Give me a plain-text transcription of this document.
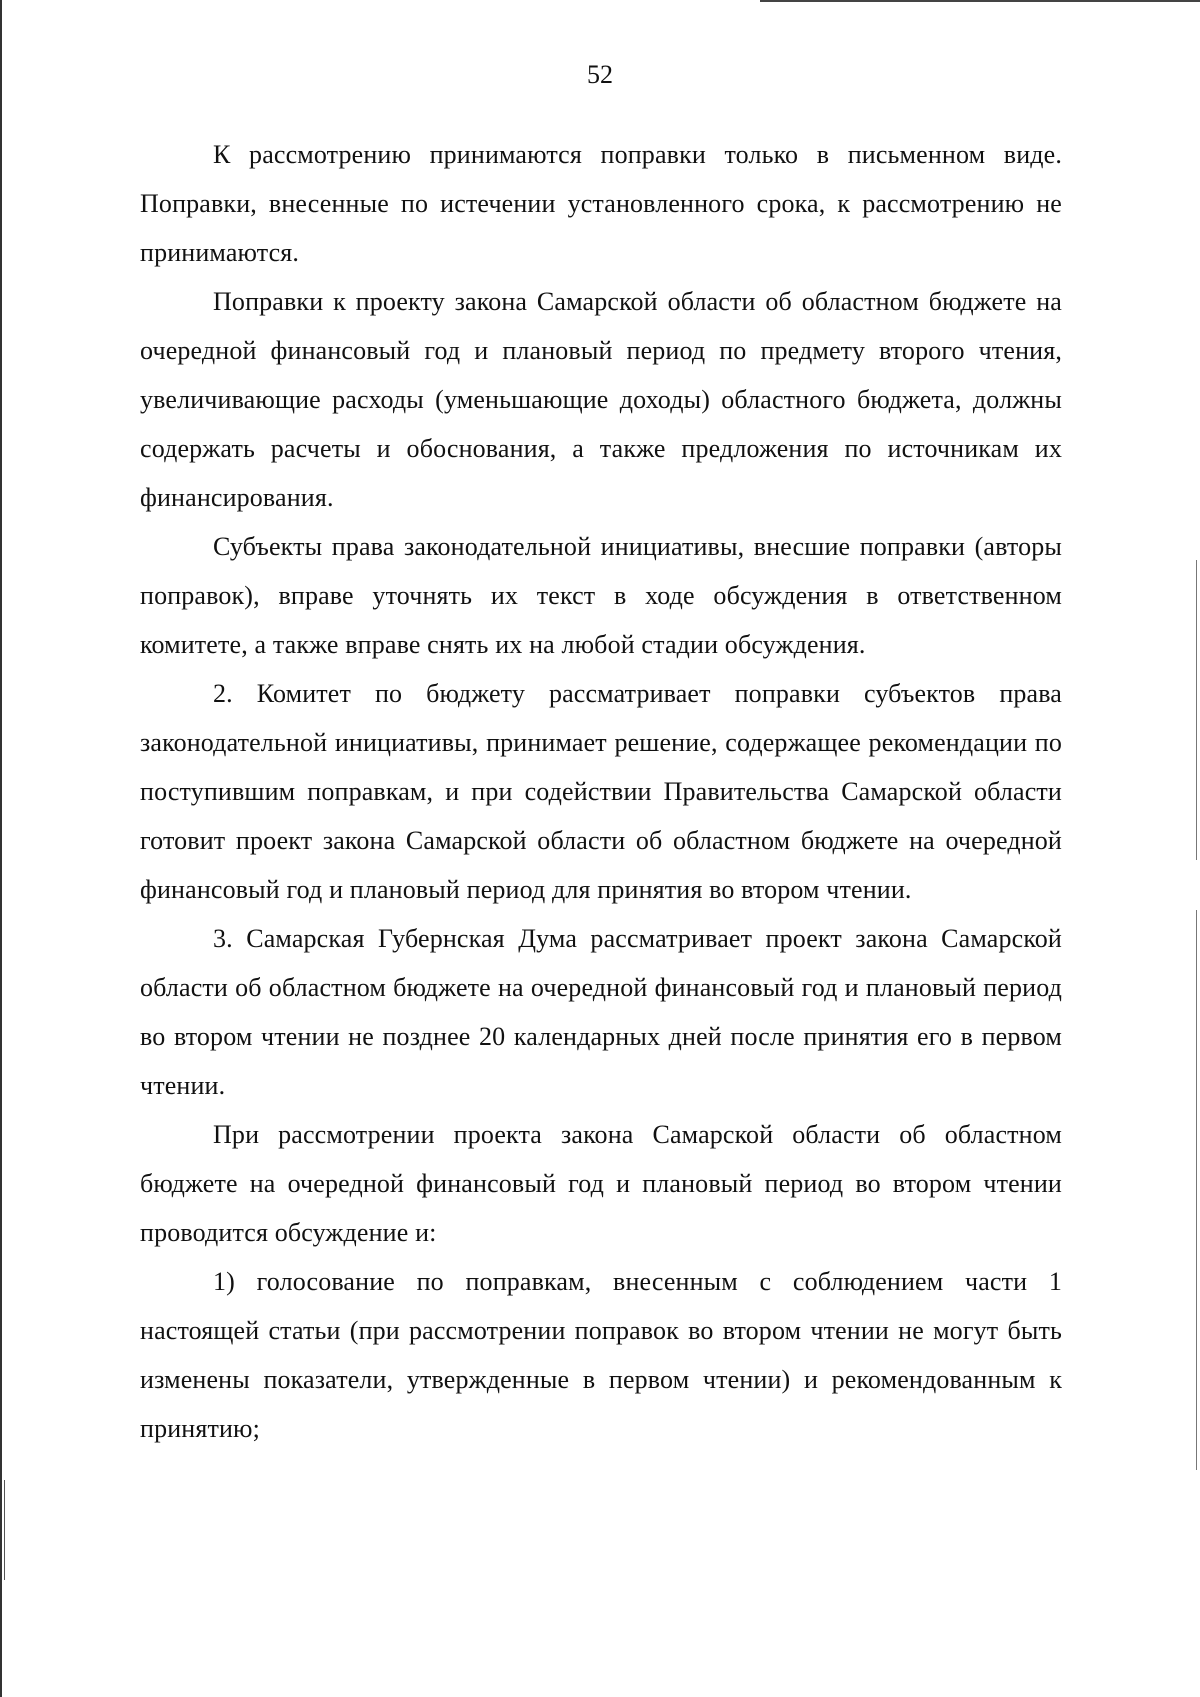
52

К рассмотрению принимаются поправки только в письменном виде. Поправки, внесенные по истечении установленного срока, к рассмотрению не принимаются.

Поправки к проекту закона Самарской области об областном бюджете на очередной финансовый год и плановый период по предмету второго чтения, увеличивающие расходы (уменьшающие доходы) областного бюджета, должны содержать расчеты и обоснования, а также предложения по источникам их финансирования.

Субъекты права законодательной инициативы, внесшие поправки (авторы поправок), вправе уточнять их текст в ходе обсуждения в ответственном комитете, а также вправе снять их на любой стадии обсуждения.

2. Комитет по бюджету рассматривает поправки субъектов права законодательной инициативы, принимает решение, содержащее рекомендации по поступившим поправкам, и при содействии Правительства Самарской области готовит проект закона Самарской области об областном бюджете на очередной финансовый год и плановый период для принятия во втором чтении.

3. Самарская Губернская Дума рассматривает проект закона Самарской области об областном бюджете на очередной финансовый год и плановый период во втором чтении не позднее 20 календарных дней после принятия его в первом чтении.

При рассмотрении проекта закона Самарской области об областном бюджете на очередной финансовый год и плановый период во втором чтении проводится обсуждение и:

1) голосование по поправкам, внесенным с соблюдением части 1 настоящей статьи (при рассмотрении поправок во втором чтении не могут быть изменены показатели, утвержденные в первом чтении) и рекомендованным к принятию;
